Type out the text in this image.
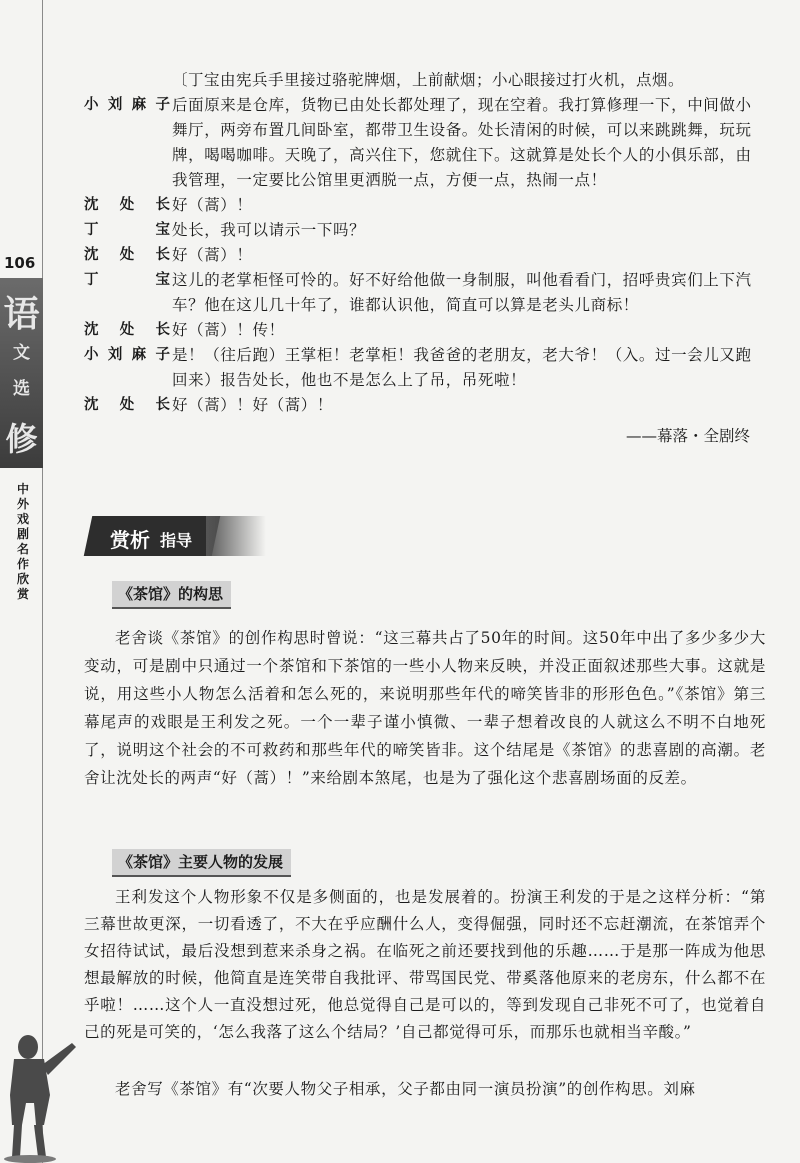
106
语
文
选
修
中
外
戏
剧
名
作
欣
赏
〔丁宝由宪兵手里接过骆驼牌烟，上前献烟；小心眼接过打火机，点烟。
小刘麻子 后面原来是仓库，货物已由处长都处理了，现在空着。我打算修理一下，中间做小舞厅，两旁布置几间卧室，都带卫生设备。处长清闲的时候，可以来跳跳舞，玩玩牌，喝喝咖啡。天晚了，高兴住下，您就住下。这就算是处长个人的小俱乐部，由我管理，一定要比公馆里更洒脱一点，方便一点，热闹一点！
沈处长 好（蒿）！
丁宝 处长，我可以请示一下吗？
沈处长 好（蒿）！
丁宝 这儿的老掌柜怪可怜的。好不好给他做一身制服，叫他看看门，招呼贵宾们上下汽车？他在这儿几十年了，谁都认识他，简直可以算是老头儿商标！
沈处长 好（蒿）！传！
小刘麻子 是！（往后跑）王掌柜！老掌柜！我爸爸的老朋友，老大爷！（入。过一会儿又跑回来）报告处长，他也不是怎么上了吊，吊死啦！
沈处长 好（蒿）！好（蒿）！
——幕落・全剧终
赏析 指导
《茶馆》的构思
老舍谈《茶馆》的创作构思时曾说：“这三幕共占了50年的时间。这50年中出了多少多少大变动，可是剧中只通过一个茶馆和下茶馆的一些小人物来反映，并没正面叙述那些大事。这就是说，用这些小人物怎么活着和怎么死的，来说明那些年代的啼笑皆非的形形色色。”《茶馆》第三幕尾声的戏眼是王利发之死。一个一辈子谨小慎微、一辈子想着改良的人就这么不明不白地死了，说明这个社会的不可救药和那些年代的啼笑皆非。这个结尾是《茶馆》的悲喜剧的高潮。老舍让沈处长的两声“好（蒿）！”来给剧本煞尾，也是为了强化这个悲喜剧场面的反差。
《茶馆》主要人物的发展
王利发这个人物形象不仅是多侧面的，也是发展着的。扮演王利发的于是之这样分析：“第三幕世故更深，一切看透了，不大在乎应酬什么人，变得倔强，同时还不忘赶潮流，在茶馆弄个女招待试试，最后没想到惹来杀身之祸。在临死之前还要找到他的乐趣……于是那一阵成为他思想最解放的时候，他简直是连笑带自我批评、带骂国民党、带奚落他原来的老房东，什么都不在乎啦！……这个人一直没想过死，他总觉得自己是可以的，等到发现自己非死不可了，也觉着自己的死是可笑的，‘怎么我落了这么个结局？’自己都觉得可乐，而那乐也就相当辛酸。”
老舍写《茶馆》有“次要人物父子相承，父子都由同一演员扮演”的创作构思。刘麻
